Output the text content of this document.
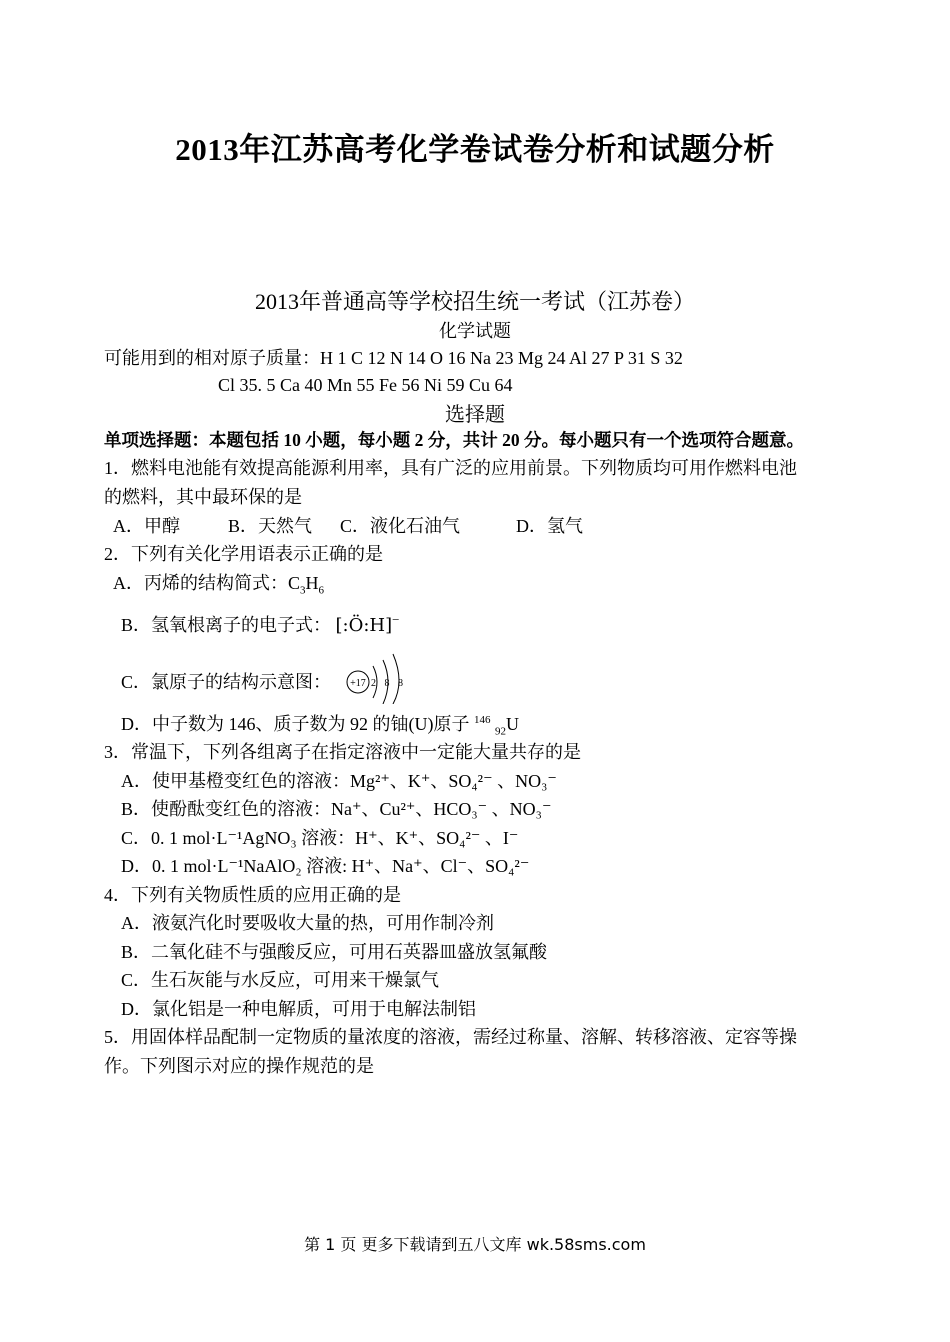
2013年江苏高考化学卷试卷分析和试题分析
2013年普通高等学校招生统一考试（江苏卷）
化学试题
可能用到的相对原子质量：H 1 C 12 N 14 O 16 Na 23 Mg 24 Al 27 P 31 S 32
Cl 35. 5 Ca 40 Mn 55 Fe 56 Ni 59 Cu 64
选择题
单项选择题：本题包括 10 小题，每小题 2 分，共计 20 分。每小题只有一个选项符合题意。
1．燃料电池能有效提高能源利用率，具有广泛的应用前景。下列物质均可用作燃料电池
的燃料，其中最环保的是
A．甲醇	B．天然气 C．液化石油气	D．氢气
2．下列有关化学用语表示正确的是
A．丙烯的结构简式：$C_3H_6$
B．氢氧根离子的电子式： [:Ö:H]−
C．氯原子的结构示意图： +17 2 8 8
D．中子数为 146、质子数为 92 的铀(U)原子 $^{146}$ $_{92}$U
3．常温下，下列各组离子在指定溶液中一定能大量共存的是
A．使甲基橙变红色的溶液：Mg²⁺、K⁺、SO₄²⁻ 、NO₃⁻
B．使酚酞变红色的溶液：Na⁺、Cu²⁺、HCO₃⁻ 、NO₃⁻
C．0. 1 mol·L⁻¹AgNO₃ 溶液：H⁺、K⁺、SO₄²⁻ 、I⁻
D．0. 1 mol·L⁻¹NaAlO₂ 溶液: H⁺、Na⁺、Cl⁻、SO₄²⁻
4．下列有关物质性质的应用正确的是
A．液氨汽化时要吸收大量的热，可用作制冷剂
B．二氧化硅不与强酸反应，可用石英器皿盛放氢氟酸
C．生石灰能与水反应，可用来干燥氯气
D．氯化铝是一种电解质，可用于电解法制铝
5．用固体样品配制一定物质的量浓度的溶液，需经过称量、溶解、转移溶液、定容等操
作。下列图示对应的操作规范的是
第 1 页 更多下载请到五八文库 wk.58sms.com
